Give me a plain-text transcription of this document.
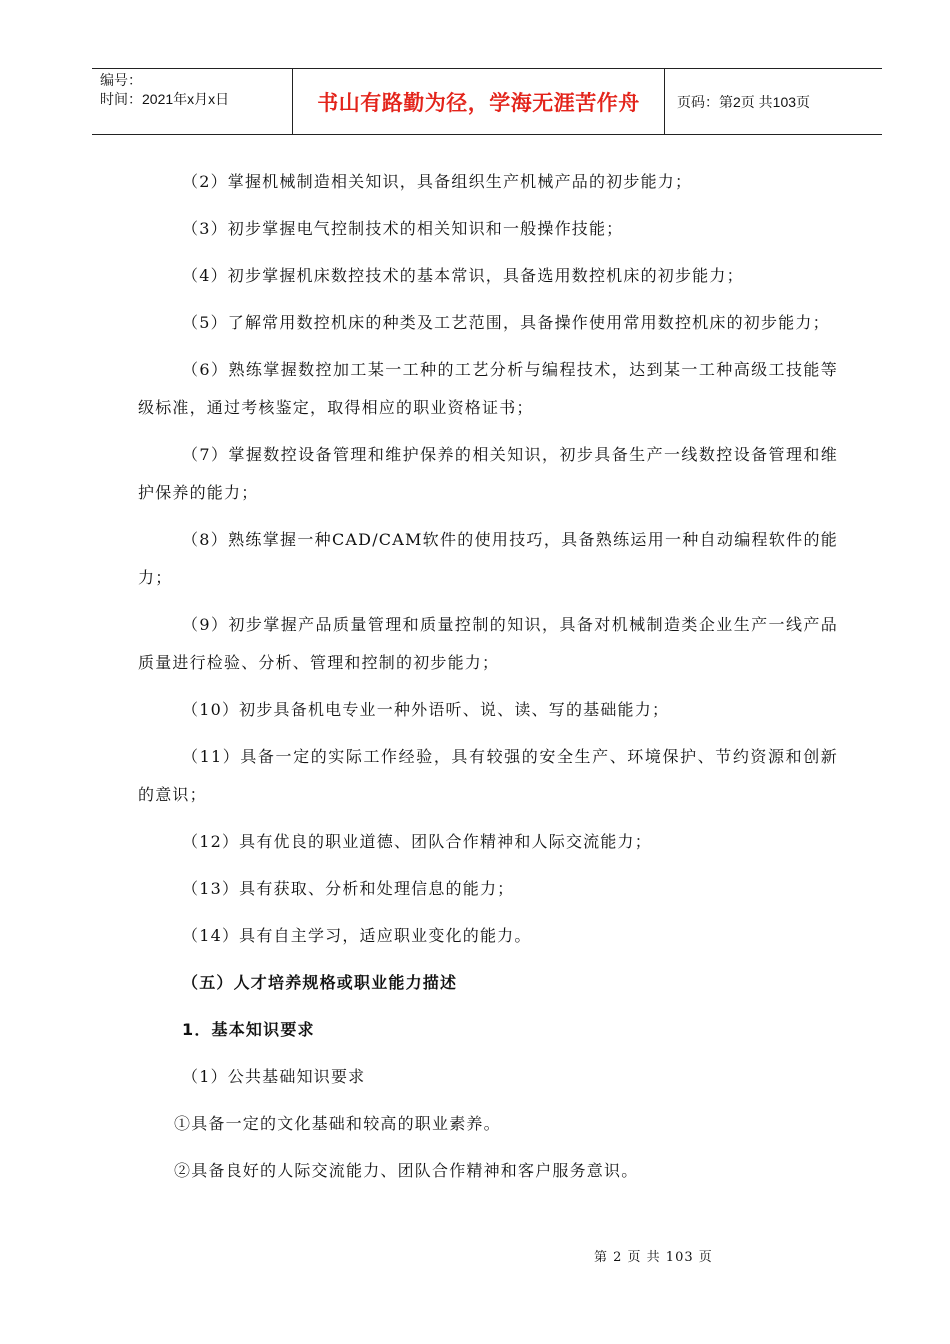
编号：
时间：2021年x月x日	书山有路勤为径，学海无涯苦作舟	页码：第2页 共103页

（2）掌握机械制造相关知识，具备组织生产机械产品的初步能力；

（3）初步掌握电气控制技术的相关知识和一般操作技能；

（4）初步掌握机床数控技术的基本常识，具备选用数控机床的初步能力；

（5）了解常用数控机床的种类及工艺范围，具备操作使用常用数控机床的初步能力；

（6）熟练掌握数控加工某一工种的工艺分析与编程技术，达到某一工种高级工技能等级标准，通过考核鉴定，取得相应的职业资格证书；

（7）掌握数控设备管理和维护保养的相关知识，初步具备生产一线数控设备管理和维护保养的能力；

（8）熟练掌握一种CAD/CAM软件的使用技巧，具备熟练运用一种自动编程软件的能力；

（9）初步掌握产品质量管理和质量控制的知识，具备对机械制造类企业生产一线产品质量进行检验、分析、管理和控制的初步能力；

（10）初步具备机电专业一种外语听、说、读、写的基础能力；

（11）具备一定的实际工作经验，具有较强的安全生产、环境保护、节约资源和创新的意识；

（12）具有优良的职业道德、团队合作精神和人际交流能力；

（13）具有获取、分析和处理信息的能力；

（14）具有自主学习，适应职业变化的能力。

（五）人才培养规格或职业能力描述

1．基本知识要求

（1）公共基础知识要求

①具备一定的文化基础和较高的职业素养。

②具备良好的人际交流能力、团队合作精神和客户服务意识。

第 2 页 共 103 页
